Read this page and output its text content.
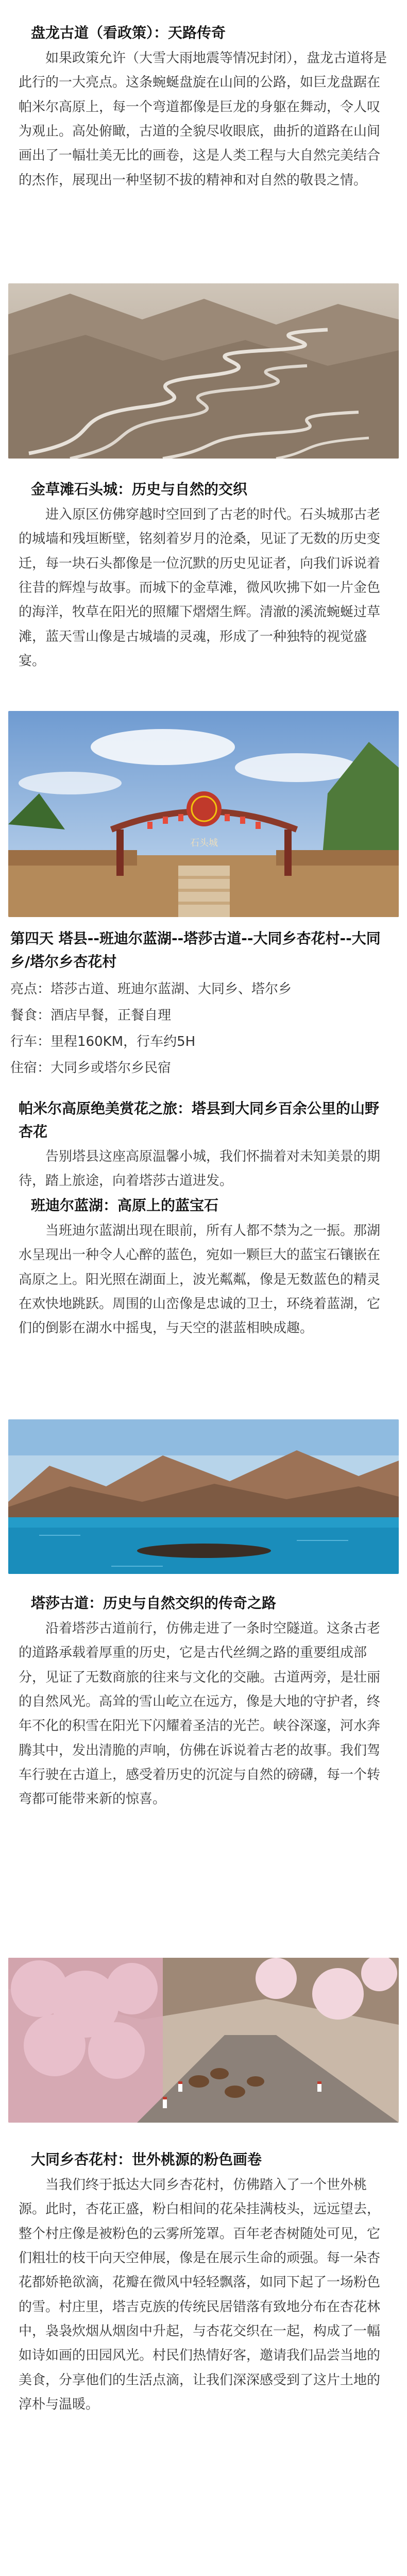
盘龙古道（看政策）：天路传奇
如果政策允许（大雪大雨地震等情况封闭），盘龙古道将是此行的一大亮点。这条蜿蜒盘旋在山间的公路，如巨龙盘踞在帕米尔高原上，每一个弯道都像是巨龙的身躯在舞动，令人叹为观止。高处俯瞰，古道的全貌尽收眼底，曲折的道路在山间画出了一幅壮美无比的画卷，这是人类工程与大自然完美结合的杰作，展现出一种坚韧不拔的精神和对自然的敬畏之情。
金草滩石头城：历史与自然的交织
进入原区仿佛穿越时空回到了古老的时代。石头城那古老的城墙和残垣断壁，铭刻着岁月的沧桑，见证了无数的历史变迁，每一块石头都像是一位沉默的历史见证者，向我们诉说着往昔的辉煌与故事。而城下的金草滩，微风吹拂下如一片金色的海洋，牧草在阳光的照耀下熠熠生辉。清澈的溪流蜿蜒过草滩，蓝天雪山像是古城墙的灵魂，形成了一种独特的视觉盛宴。
石头城
第四天 塔县--班迪尔蓝湖--塔莎古道--大同乡杏花村--大同乡/塔尔乡杏花村
亮点：塔莎古道、班迪尔蓝湖、大同乡、塔尔乡
餐食：酒店早餐，正餐自理
行车：里程160KM，行车约5H
住宿：大同乡或塔尔乡民宿
帕米尔高原绝美赏花之旅：塔县到大同乡百余公里的山野杏花
告别塔县这座高原温馨小城，我们怀揣着对未知美景的期待，踏上旅途，向着塔莎古道进发。
班迪尔蓝湖：高原上的蓝宝石
当班迪尔蓝湖出现在眼前，所有人都不禁为之一振。那湖水呈现出一种令人心醉的蓝色，宛如一颗巨大的蓝宝石镶嵌在高原之上。阳光照在湖面上，波光粼粼，像是无数蓝色的精灵在欢快地跳跃。周围的山峦像是忠诚的卫士，环绕着蓝湖，它们的倒影在湖水中摇曳，与天空的湛蓝相映成趣。
塔莎古道：历史与自然交织的传奇之路
沿着塔莎古道前行，仿佛走进了一条时空隧道。这条古老的道路承载着厚重的历史，它是古代丝绸之路的重要组成部分，见证了无数商旅的往来与文化的交融。古道两旁，是壮丽的自然风光。高耸的雪山屹立在远方，像是大地的守护者，终年不化的积雪在阳光下闪耀着圣洁的光芒。峡谷深邃，河水奔腾其中，发出清脆的声响，仿佛在诉说着古老的故事。我们驾车行驶在古道上，感受着历史的沉淀与自然的磅礴，每一个转弯都可能带来新的惊喜。
大同乡杏花村：世外桃源的粉色画卷
当我们终于抵达大同乡杏花村，仿佛踏入了一个世外桃源。此时，杏花正盛，粉白相间的花朵挂满枝头，远远望去，整个村庄像是被粉色的云雾所笼罩。百年老杏树随处可见，它们粗壮的枝干向天空伸展，像是在展示生命的顽强。每一朵杏花都娇艳欲滴，花瓣在微风中轻轻飘落，如同下起了一场粉色的雪。村庄里，塔吉克族的传统民居错落有致地分布在杏花林中，袅袅炊烟从烟囱中升起，与杏花交织在一起，构成了一幅如诗如画的田园风光。村民们热情好客，邀请我们品尝当地的美食，分享他们的生活点滴，让我们深深感受到了这片土地的淳朴与温暖。
